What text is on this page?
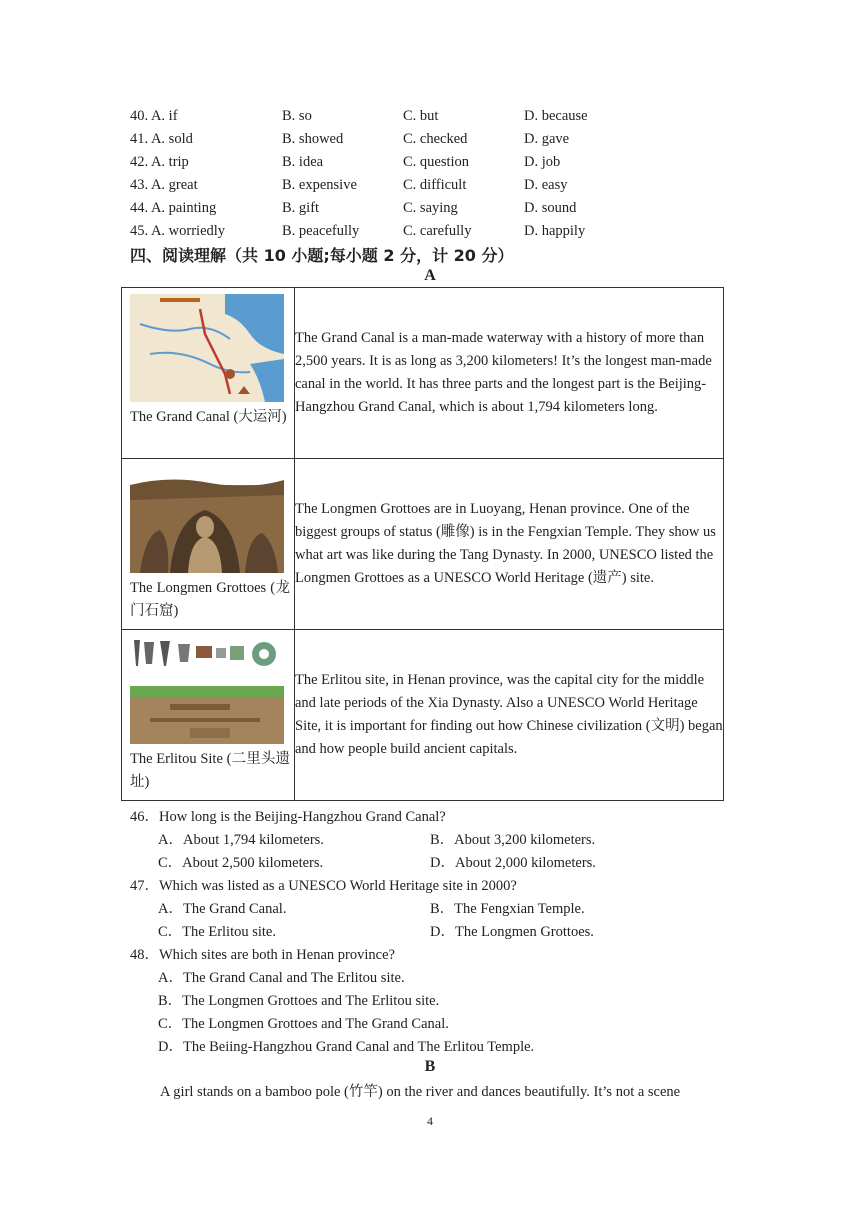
40. A. if	B. so	C. but	D. because
41. A. sold	B. showed	C. checked	D. gave
42. A. trip	B. idea	C. question	D. job
43. A. great	B. expensive	C. difficult	D. easy
44. A. painting	B. gift	C. saying	D. sound
45. A. worriedly	B. peacefully	C. carefully	D. happily
四、阅读理解（共 10 小题;每小题 2 分，计 20 分）
A
The Grand Canal (大运河)	The Grand Canal is a man-made waterway with a history of more than 2,500 years. It is as long as 3,200 kilometers! It’s the longest man-made canal in the world. It has three parts and the longest part is the Beijing-Hangzhou Grand Canal, which is about 1,794 kilometers long.

The Longmen Grottoes (龙门石窟)	The Longmen Grottoes are in Luoyang, Henan province. One of the biggest groups of status (雕像) is in the Fengxian Temple. They show us what art was like during the Tang Dynasty. In 2000, UNESCO listed the Longmen Grottoes as a UNESCO World Heritage (遗产) site.

The Erlitou Site (二里头遗址)	The Erlitou site, in Henan province, was the capital city for the middle and late periods of the Xia Dynasty. Also a UNESCO World Heritage Site, it is important for finding out how Chinese civilization (文明) began and how people build ancient capitals.
46．How long is the Beijing-Hangzhou Grand Canal?
A．About 1,794 kilometers.	B．About 3,200 kilometers.
C．About 2,500 kilometers.	D．About 2,000 kilometers.
47．Which was listed as a UNESCO World Heritage site in 2000?
A．The Grand Canal.	B．The Fengxian Temple.
C．The Erlitou site.	D．The Longmen Grottoes.
48．Which sites are both in Henan province?
A．The Grand Canal and The Erlitou site.
B．The Longmen Grottoes and The Erlitou site.
C．The Longmen Grottoes and The Grand Canal.
D．The Beiing-Hangzhou Grand Canal and The Erlitou Temple.
B
A girl stands on a bamboo pole (竹竿) on the river and dances beautifully. It’s not a scene
4
